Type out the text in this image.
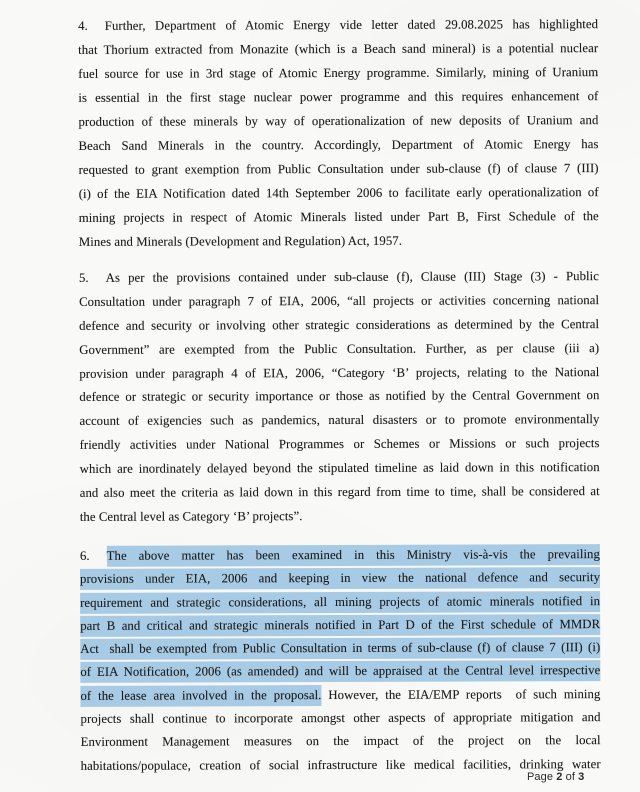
4. Further, Department of Atomic Energy vide letter dated 29.08.2025 has highlighted
that Thorium extracted from Monazite (which is a Beach sand mineral) is a potential nuclear
fuel source for use in 3rd stage of Atomic Energy programme. Similarly, mining of Uranium
is essential in the first stage nuclear power programme and this requires enhancement of
production of these minerals by way of operationalization of new deposits of Uranium and
Beach Sand Minerals in the country. Accordingly, Department of Atomic Energy has
requested to grant exemption from Public Consultation under sub-clause (f) of clause 7 (III)
(i) of the EIA Notification dated 14th September 2006 to facilitate early operationalization of
mining projects in respect of Atomic Minerals listed under Part B, First Schedule of the
Mines and Minerals (Development and Regulation) Act, 1957.
5. As per the provisions contained under sub-clause (f), Clause (III) Stage (3) - Public
Consultation under paragraph 7 of EIA, 2006, “all projects or activities concerning national
defence and security or involving other strategic considerations as determined by the Central
Government” are exempted from the Public Consultation. Further, as per clause (iii a)
provision under paragraph 4 of EIA, 2006, “Category ‘B’ projects, relating to the National
defence or strategic or security importance or those as notified by the Central Government on
account of exigencies such as pandemics, natural disasters or to promote environmentally
friendly activities under National Programmes or Schemes or Missions or such projects
which are inordinately delayed beyond the stipulated timeline as laid down in this notification
and also meet the criteria as laid down in this regard from time to time, shall be considered at
the Central level as Category ‘B’ projects”.
6. The above matter has been examined in this Ministry vis-à-vis the prevailing
provisions under EIA, 2006 and keeping in view the national defence and security
requirement and strategic considerations, all mining projects of atomic minerals notified in
part B and critical and strategic minerals notified in Part D of the First schedule of MMDR
Act  shall be exempted from Public Consultation in terms of sub-clause (f) of clause 7 (III) (i)
of EIA Notification, 2006 (as amended) and will be appraised at the Central level irrespective
of the lease area involved in the proposal. However, the EIA/EMP reports  of such mining
projects shall continue to incorporate amongst other aspects of appropriate mitigation and
Environment Management measures on the impact of the project on the local
habitations/populace, creation of social infrastructure like medical facilities, drinking water
Page 2 of 3
